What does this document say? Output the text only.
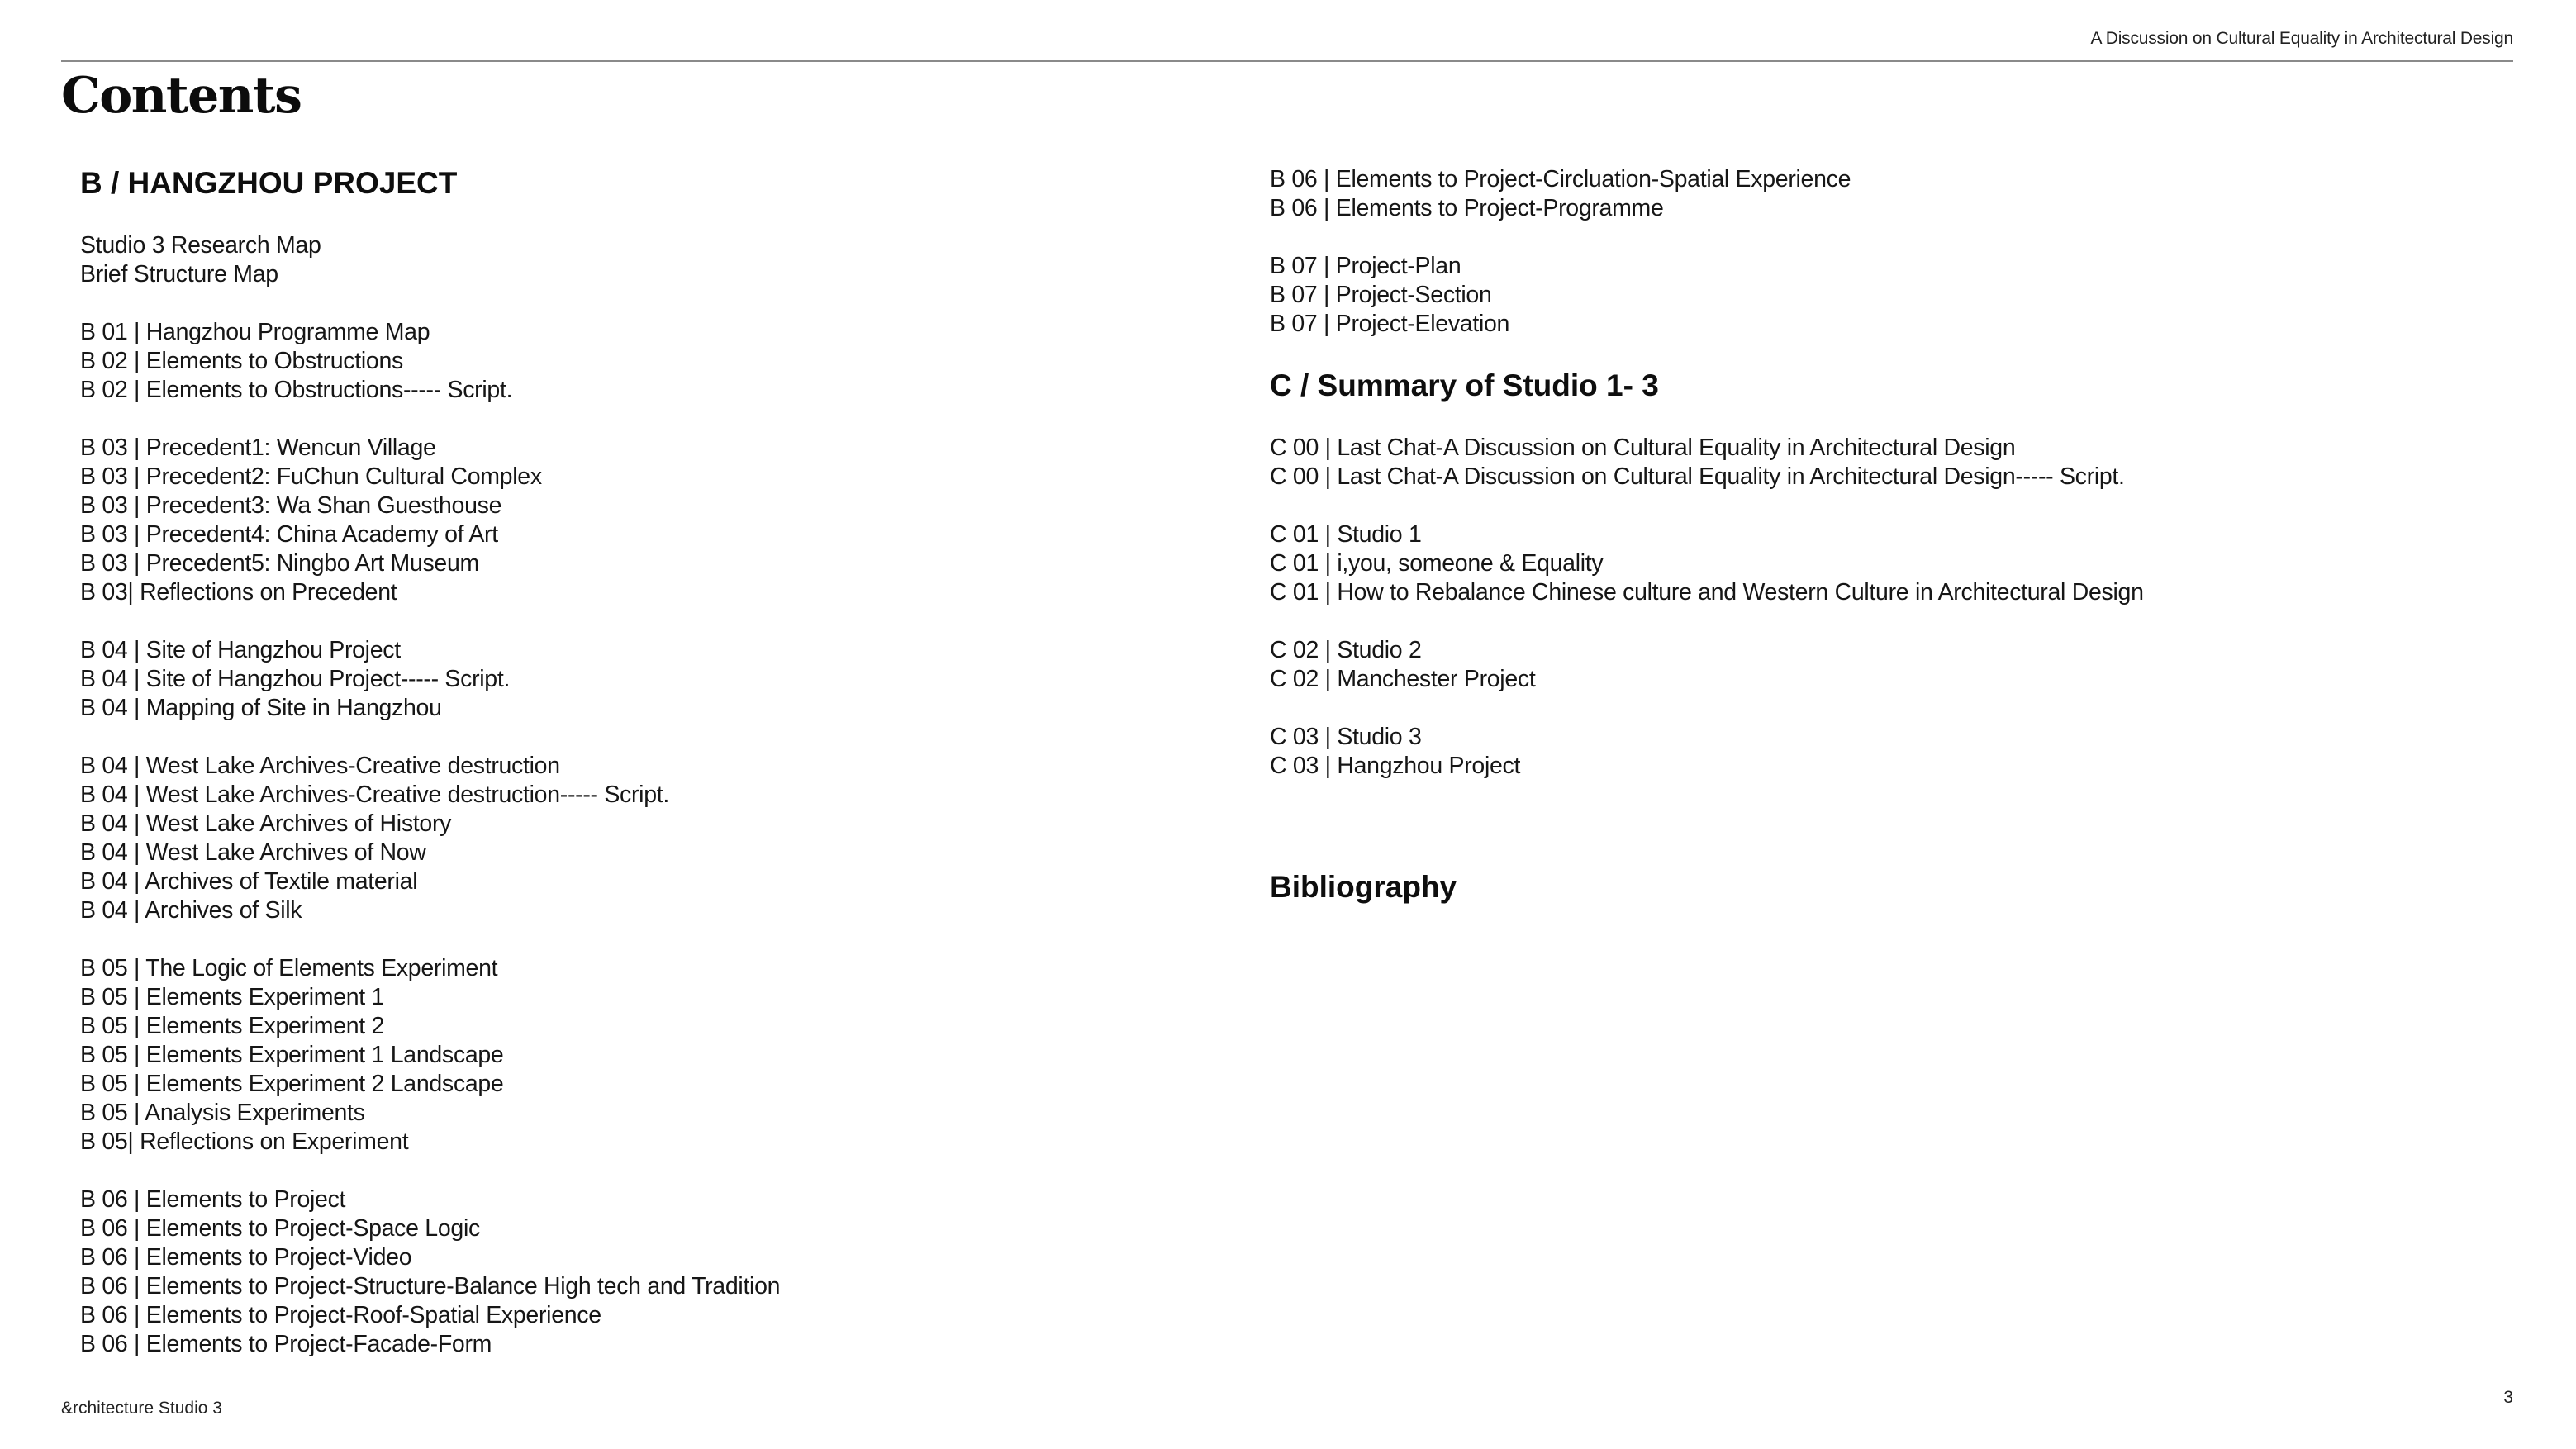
A Discussion on Cultural Equality in Architectural Design
Contents
B / HANGZHOU PROJECT
Studio 3 Research Map
Brief Structure Map
B 01 | Hangzhou Programme Map
B 02 | Elements to Obstructions
B 02 | Elements to Obstructions----- Script.
B 03 | Precedent1: Wencun Village
B 03 | Precedent2: FuChun Cultural Complex
B 03 | Precedent3: Wa Shan Guesthouse
B 03 | Precedent4: China Academy of Art
B 03 | Precedent5: Ningbo Art Museum
B 03| Reflections on Precedent
B 04 | Site of Hangzhou Project
B 04 | Site of Hangzhou Project----- Script.
B 04 | Mapping of Site in Hangzhou
B 04 | West Lake Archives-Creative destruction
B 04 | West Lake Archives-Creative destruction----- Script.
B 04 | West Lake Archives of History
B 04 | West Lake Archives of Now
B 04 | Archives of Textile material
B 04 | Archives of Silk
B 05 | The Logic of Elements Experiment
B 05 | Elements Experiment 1
B 05 | Elements Experiment 2
B 05 | Elements Experiment 1 Landscape
B 05 | Elements Experiment 2 Landscape
B 05 | Analysis Experiments
B 05| Reflections on Experiment
B 06 | Elements to Project
B 06 | Elements to Project-Space Logic
B 06 | Elements to Project-Video
B 06 | Elements to Project-Structure-Balance High tech and Tradition
B 06 | Elements to Project-Roof-Spatial Experience
B 06 | Elements to Project-Facade-Form
B 06 | Elements to Project-Circluation-Spatial Experience
B 06 | Elements to Project-Programme
B 07 | Project-Plan
B 07 | Project-Section
B 07 | Project-Elevation
C / Summary of Studio 1- 3
C 00 | Last Chat-A Discussion on Cultural Equality in Architectural Design
C 00 | Last Chat-A Discussion on Cultural Equality in Architectural Design----- Script.
C 01 | Studio 1
C 01 | i,you, someone & Equality
C 01 | How to Rebalance Chinese culture and Western Culture in Architectural Design
C 02 | Studio 2
C 02 | Manchester Project
C 03 | Studio 3
C 03 | Hangzhou Project
Bibliography
&rchitecture Studio 3
3
